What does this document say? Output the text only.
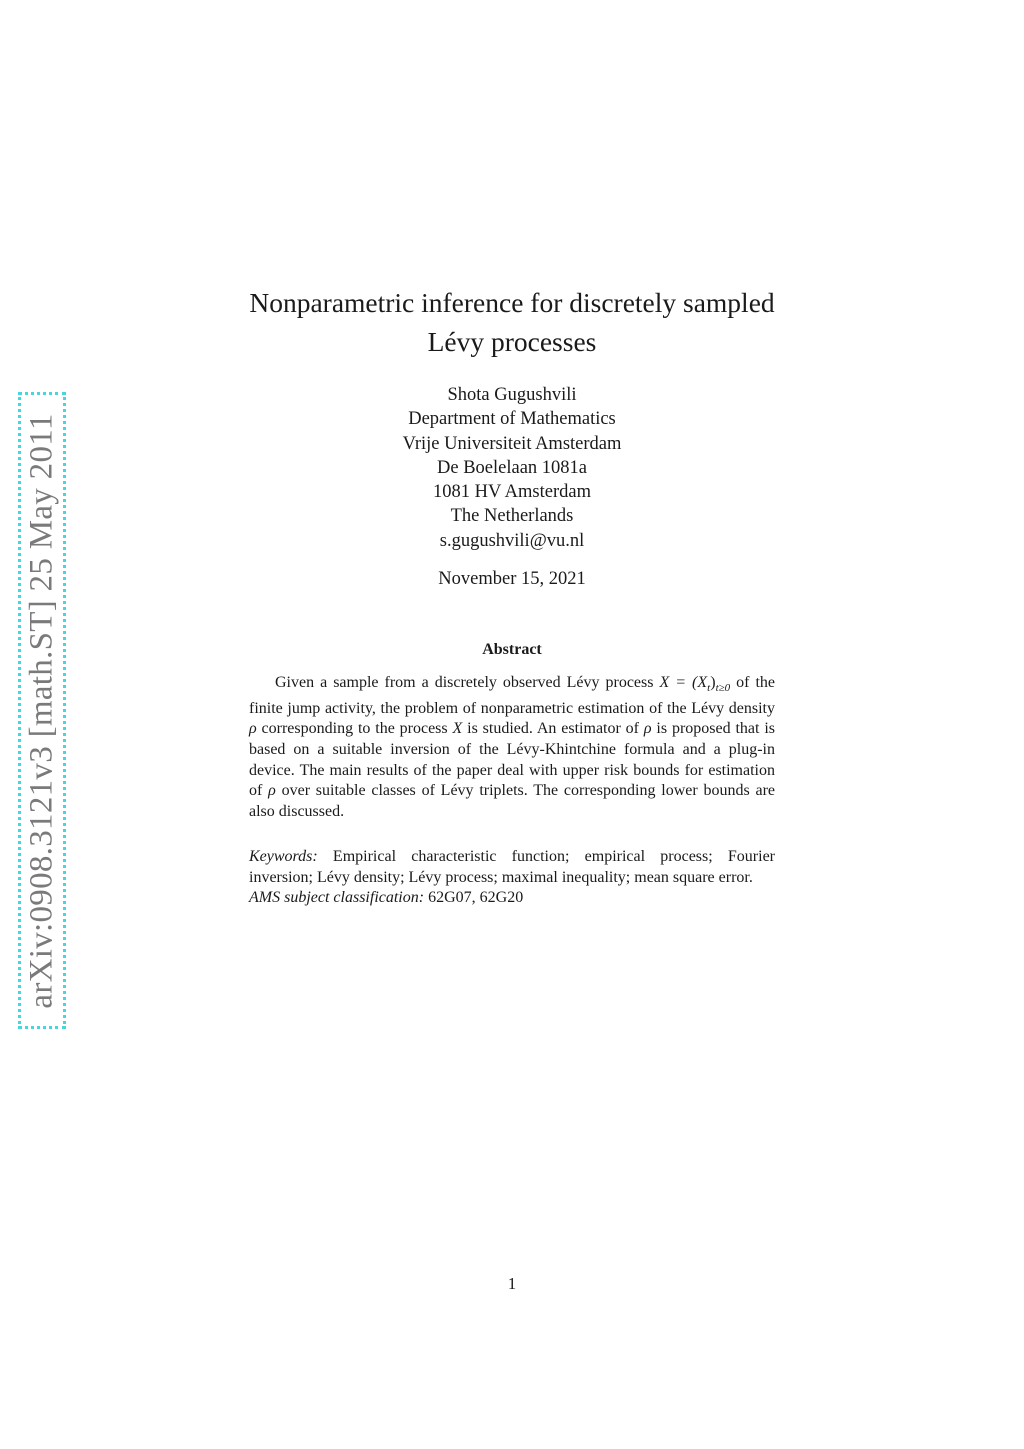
arXiv:0908.3121v3 [math.ST] 25 May 2011
Nonparametric inference for discretely sampled
Lévy processes
Shota Gugushvili
Department of Mathematics
Vrije Universiteit Amsterdam
De Boelelaan 1081a
1081 HV Amsterdam
The Netherlands
s.gugushvili@vu.nl
November 15, 2021
Abstract

Given a sample from a discretely observed Lévy process $X = (X_t)_{t\ge 0}$ of the finite jump activity, the problem of nonparametric estimation of the Lévy density ρ corresponding to the process X is studied. An estimator of ρ is proposed that is based on a suitable inversion of the Lévy-Khintchine formula and a plug-in device. The main results of the paper deal with upper risk bounds for estimation of ρ over suitable classes of Lévy triplets. The corresponding lower bounds are also discussed.

Keywords: Empirical characteristic function; empirical process; Fourier inversion; Lévy density; Lévy process; maximal inequality; mean square error.

AMS subject classification: 62G07, 62G20

1
